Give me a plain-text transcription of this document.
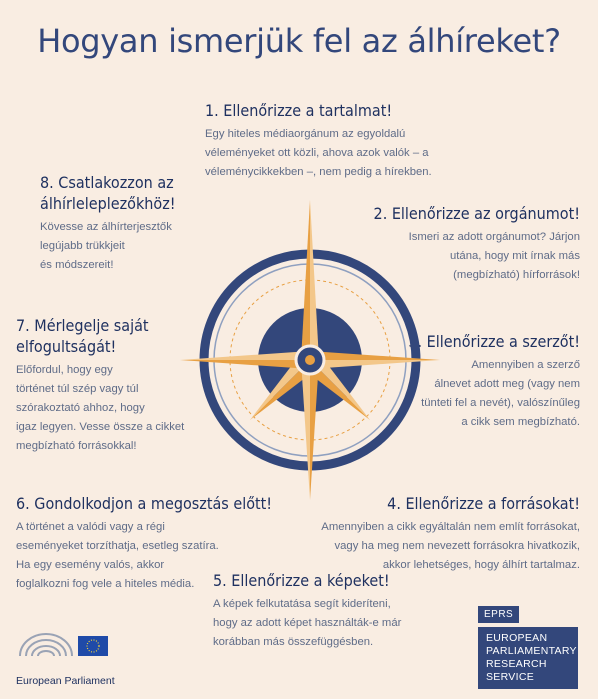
Hogyan ismerjük fel az álhíreket?
1. Ellenőrizze a tartalmat!

Egy hiteles médiaorgánum az egyoldalú

véleményeket ott közli, ahova azok valók – a

véleménycikkekben –, nem pedig a hírekben.

2. Ellenőrizze az orgánumot!

Ismeri az adott orgánumot? Járjon

utána, hogy mit írnak más

(megbízható) hírforrások!

3. Ellenőrizze a szerzőt!

Amennyiben a szerző

álnevet adott meg (vagy nem

tünteti fel a nevét), valószínűleg

a cikk sem megbízható.

4. Ellenőrizze a forrásokat!

Amennyiben a cikk egyáltalán nem említ forrásokat,

vagy ha meg nem nevezett forrásokra hivatkozik,

akkor lehetséges, hogy álhírt tartalmaz.

5. Ellenőrizze a képeket!

A képek felkutatása segít kideríteni,

hogy az adott képet használták-e már

korábban más összefüggésben.

6. Gondolkodjon a megosztás előtt!

A történet a valódi vagy a régi

eseményeket torzíthatja, esetleg szatíra.

Ha egy esemény valós, akkor

foglalkozni fog vele a hiteles média.

7. Mérlegelje saját
elfogultságát!

Előfordul, hogy egy

történet túl szép vagy túl

szórakoztató ahhoz, hogy

igaz legyen. Vesse össze a cikket

megbízható forrásokkal!

8. Csatlakozzon az
álhírleleplezőkhöz!

Kövesse az álhírterjesztők

legújabb trükkjeit

és módszereit!

European Parliament
EPRS
EUROPEAN
PARLIAMENTARY
RESEARCH
SERVICE
